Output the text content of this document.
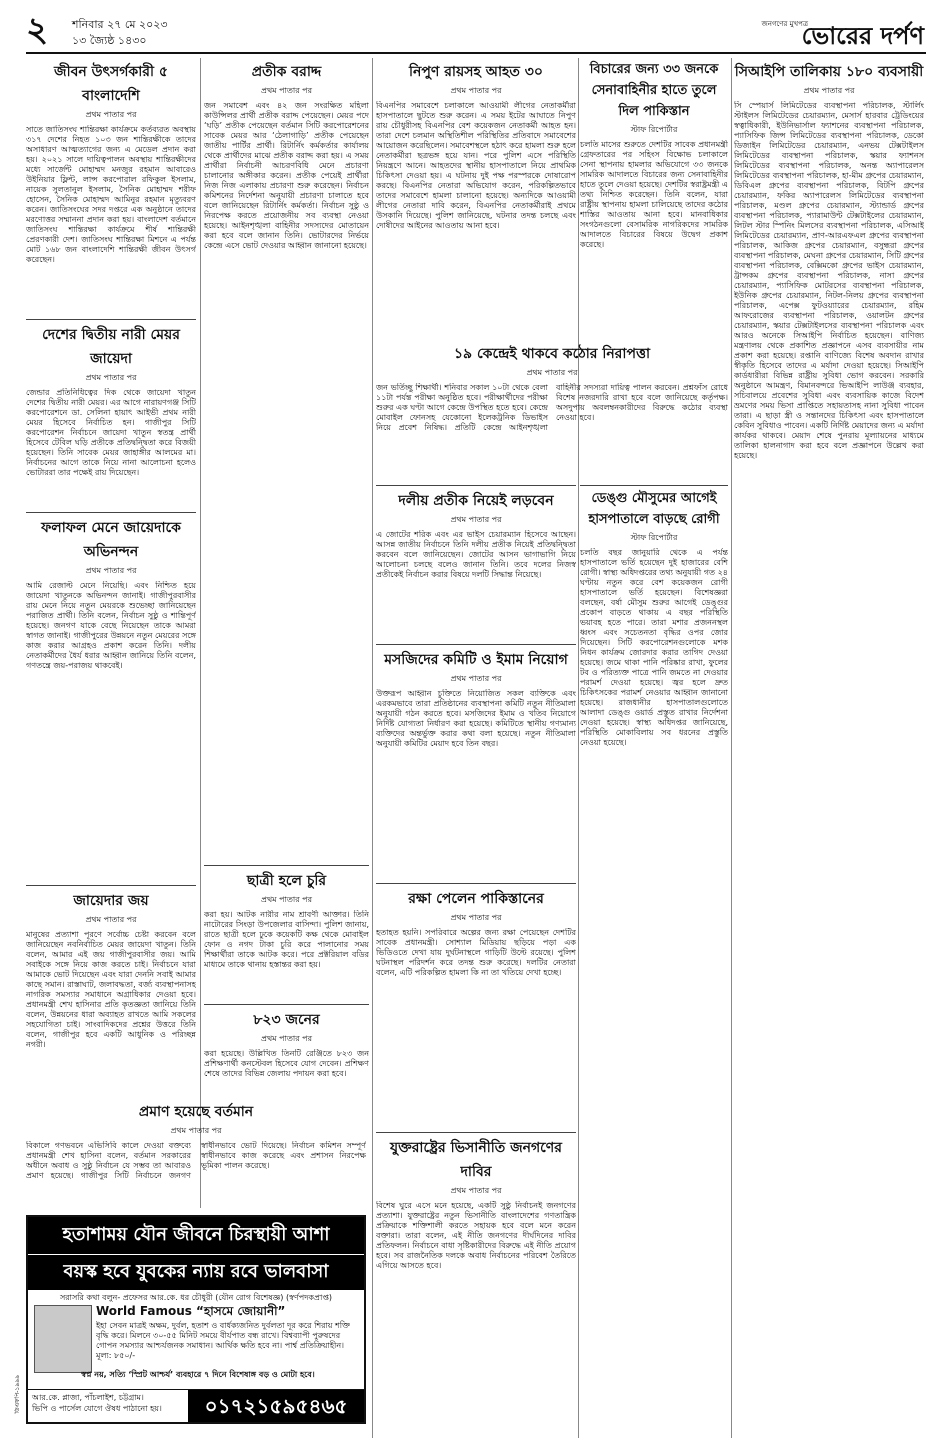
২ শনিবার ২৭ মে ২০২৩
১৩ জ্যৈষ্ঠ ১৪৩০
জনগণের মুখপত্র
ভোরের দর্পণ
জীবন উৎসর্গকারী ৫ বাংলাদেশি
প্রথম পাতার পর
সাতে জাতিসংঘ শান্তিরক্ষা কার্যক্রমে কর্তব্যরত অবস্থায় ৩১৭ দেশের নিহত ১০৩ জন শান্তিরক্ষীকে তাদের অসাধারণ আত্মত্যাগের জন্য এ মেডেল প্রদান করা হয়। ২০২১ সালে দায়িত্বপালন অবস্থায় শান্তিরক্ষীদের মধ্যে সার্জেন্ট মোহাম্মদ মনজুর রহমান আবারেও উইনিয়ার ফ্লিন্ট, লান্স করপোরাল রফিকুল ইসলাম, নায়েক সুলতানুল ইসলাম, সৈনিক মোহাম্মদ শরীফ হোসেন, সৈনিক মোহাম্মদ আমিনুর রহমান মৃত্যুবরণ করেন। জাতিসংঘের সদর দপ্তরে এক অনুষ্ঠানে তাদের মরণোত্তর সম্মাননা প্রদান করা হয়। বাংলাদেশ বর্তমানে জাতিসংঘ শান্তিরক্ষা কার্যক্রমে শীর্ষ শান্তিরক্ষী প্রেরণকারী দেশ। জাতিসংঘ শান্তিরক্ষা মিশনে এ পর্যন্ত মোট ১৬৮ জন বাংলাদেশি শান্তিরক্ষী জীবন উৎসর্গ করেছেন।
দেশের দ্বিতীয় নারী মেয়র জায়েদা
প্রথম পাতার পর
জেন্ডার প্রতিনিধিত্বের দিক থেকে জায়েদা খাতুন দেশের দ্বিতীয় নারী মেয়র। এর আগে নারায়ণগঞ্জ সিটি করপোরেশনে ডা. সেলিনা হায়াৎ আইভী প্রথম নারী মেয়র হিসেবে নির্বাচিত হন। গাজীপুর সিটি করপোরেশন নির্বাচনে জায়েদা খাতুন স্বতন্ত্র প্রার্থী হিসেবে টেবিল ঘড়ি প্রতীকে প্রতিদ্বন্দ্বিতা করে বিজয়ী হয়েছেন। তিনি সাবেক মেয়র জাহাঙ্গীর আলমের মা। নির্বাচনের আগে তাকে নিয়ে নানা আলোচনা হলেও ভোটাররা তার পক্ষেই রায় দিয়েছেন।
ফলাফল মেনে জায়েদাকে অভিনন্দন
প্রথম পাতার পর
আমি রেজাল্ট মেনে নিয়েছি। এবং নিশ্চিত হয়ে জায়েদা খাতুনকে অভিনন্দন জানাই। গাজীপুরবাসীর রায় মেনে নিয়ে নতুন মেয়রকে শুভেচ্ছা জানিয়েছেন পরাজিত প্রার্থী। তিনি বলেন, নির্বাচন সুষ্ঠু ও শান্তিপূর্ণ হয়েছে। জনগণ যাকে বেছে নিয়েছেন তাকে আমরা স্বাগত জানাই। গাজীপুরের উন্নয়নে নতুন মেয়রের সঙ্গে কাজ করার আগ্রহও প্রকাশ করেন তিনি। দলীয় নেতাকর্মীদের ধৈর্য ধরার আহ্বান জানিয়ে তিনি বলেন, গণতন্ত্রে জয়-পরাজয় থাকবেই।
জায়েদার জয়
প্রথম পাতার পর
মানুষের প্রত্যাশা পূরণে সর্বোচ্চ চেষ্টা করবেন বলে জানিয়েছেন নবনির্বাচিত মেয়র জায়েদা খাতুন। তিনি বলেন, আমার এই জয় গাজীপুরবাসীর জয়। আমি সবাইকে সঙ্গে নিয়ে কাজ করতে চাই। নির্বাচনে যারা আমাকে ভোট দিয়েছেন এবং যারা দেননি সবাই আমার কাছে সমান। রাস্তাঘাট, জলাবদ্ধতা, বর্জ্য ব্যবস্থাপনাসহ নাগরিক সমস্যার সমাধানে অগ্রাধিকার দেওয়া হবে। প্রধানমন্ত্রী শেখ হাসিনার প্রতি কৃতজ্ঞতা জানিয়ে তিনি বলেন, উন্নয়নের ধারা অব্যাহত রাখতে আমি সকলের সহযোগিতা চাই। সাংবাদিকদের প্রশ্নের উত্তরে তিনি বলেন, গাজীপুর হবে একটি আধুনিক ও পরিচ্ছন্ন নগরী।
প্রমাণ হয়েছে বর্তমান
প্রথম পাতার পর
বিকালে গণভবনে এভিসিবি কালে দেওয়া বক্তব্যে প্রধানমন্ত্রী শেখ হাসিনা বলেন, বর্তমান সরকারের অধীনে অবাধ ও সুষ্ঠু নির্বাচন যে সম্ভব তা আবারও প্রমাণ হয়েছে। গাজীপুর সিটি নির্বাচনে জনগণ স্বাধীনভাবে ভোট দিয়েছে। নির্বাচন কমিশন সম্পূর্ণ স্বাধীনভাবে কাজ করেছে এবং প্রশাসন নিরপেক্ষ ভূমিকা পালন করেছে।
প্রতীক বরাদ্দ
প্রথম পাতার পর
জন সমাবেশ এবং ৪২ জন সংরক্ষিত মহিলা কাউন্সিলর প্রার্থী প্রতীক বরাদ্দ পেয়েছেন। মেয়র পদে ‘ঘড়ি’ প্রতীক পেয়েছেন বর্তমান সিটি করপোরেশনের সাবেক মেয়র আর ‘ঠেলাগাড়ি’ প্রতীক পেয়েছেন জাতীয় পার্টির প্রার্থী। রিটার্নিং কর্মকর্তার কার্যালয় থেকে প্রার্থীদের মাঝে প্রতীক বরাদ্দ করা হয়। এ সময় প্রার্থীরা নির্বাচনী আচরণবিধি মেনে প্রচারণা চালানোর অঙ্গীকার করেন। প্রতীক পেয়েই প্রার্থীরা নিজ নিজ এলাকায় প্রচারণা শুরু করেছেন। নির্বাচন কমিশনের নির্দেশনা অনুযায়ী প্রচারণা চালাতে হবে বলে জানিয়েছেন রিটার্নিং কর্মকর্তা। নির্বাচন সুষ্ঠু ও নিরপেক্ষ করতে প্রয়োজনীয় সব ব্যবস্থা নেওয়া হয়েছে। আইনশৃঙ্খলা বাহিনীর সদস্যদের মোতায়েন করা হবে বলে জানান তিনি। ভোটারদের নির্ভয়ে কেন্দ্রে এসে ভোট দেওয়ার আহ্বান জানানো হয়েছে।
ছাত্রী হলে চুরি
প্রথম পাতার পর
করা হয়। আটক নারীর নাম শ্রাবণী আক্তার। তিনি নাটোরের সিংড়া উপজেলার বাসিন্দা। পুলিশ জানায়, রাতে ছাত্রী হলে ঢুকে কয়েকটি কক্ষ থেকে মোবাইল ফোন ও নগদ টাকা চুরি করে পালানোর সময় শিক্ষার্থীরা তাকে আটক করে। পরে প্রক্টরিয়াল বডির মাধ্যমে তাকে থানায় হস্তান্তর করা হয়।
৮২৩ জনের
প্রথম পাতার পর
করা হয়েছে। উল্লিখিত তিনটি রেঞ্জিতে ৮২৩ জন প্রশিক্ষণার্থী কনস্টেবল হিসেবে যোগ দেবেন। প্রশিক্ষণ শেষে তাদের বিভিন্ন জেলায় পদায়ন করা হবে।
নিপুণ রায়সহ আহত ৩০
প্রথম পাতার পর
বিএনপির সমাবেশে চলাকালে আওয়ামী লীগের নেতাকর্মীরা হাসপাতালে ছুটতে শুরু করেন। এ সময় ইটের আঘাতে নিপুণ রায় চৌধুরীসহ বিএনপির বেশ কয়েকজন নেতাকর্মী আহত হন। তারা দেশে চলমান অস্থিতিশীল পরিস্থিতির প্রতিবাদে সমাবেশের আয়োজন করেছিলেন। সমাবেশস্থলে হঠাৎ করে হামলা শুরু হলে নেতাকর্মীরা ছত্রভঙ্গ হয়ে যান। পরে পুলিশ এসে পরিস্থিতি নিয়ন্ত্রণে আনে। আহতদের স্থানীয় হাসপাতালে নিয়ে প্রাথমিক চিকিৎসা দেওয়া হয়। এ ঘটনায় দুই পক্ষ পরস্পরকে দোষারোপ করছে। বিএনপির নেতারা অভিযোগ করেন, পরিকল্পিতভাবে তাদের সমাবেশে হামলা চালানো হয়েছে। অন্যদিকে আওয়ামী লীগের নেতারা দাবি করেন, বিএনপির নেতাকর্মীরাই প্রথমে উসকানি দিয়েছে। পুলিশ জানিয়েছে, ঘটনার তদন্ত চলছে এবং দোষীদের আইনের আওতায় আনা হবে।
১৯ কেন্দ্রেই থাকবে কঠোর নিরাপত্তা
প্রথম পাতার পর
জন ভর্তিচ্ছু শিক্ষার্থী। শনিবার সকাল ১০টা থেকে বেলা ১১টা পর্যন্ত পরীক্ষা অনুষ্ঠিত হবে। পরীক্ষার্থীদের পরীক্ষা শুরুর এক ঘণ্টা আগে কেন্দ্রে উপস্থিত হতে হবে। কেন্দ্রে মোবাইল ফোনসহ যেকোনো ইলেকট্রনিক ডিভাইস নিয়ে প্রবেশ নিষিদ্ধ। প্রতিটি কেন্দ্রে আইনশৃঙ্খলা বাহিনীর সদস্যরা দায়িত্ব পালন করবেন। প্রশ্নফাঁস রোধে বিশেষ নজরদারি রাখা হবে বলে জানিয়েছে কর্তৃপক্ষ। অসদুপায় অবলম্বনকারীদের বিরুদ্ধে কঠোর ব্যবস্থা নেওয়া হবে।
দলীয় প্রতীক নিয়েই লড়বেন
প্রথম পাতার পর
এ জোটের শরিক এবং এর ভাইস চেয়ারম্যান হিসেবে আছেন। আসন্ন জাতীয় নির্বাচনে তিনি দলীয় প্রতীক নিয়েই প্রতিদ্বন্দ্বিতা করবেন বলে জানিয়েছেন। জোটের আসন ভাগাভাগি নিয়ে আলোচনা চলছে বলেও জানান তিনি। তবে দলের নিজস্ব প্রতীকেই নির্বাচন করার বিষয়ে দলটি সিদ্ধান্ত নিয়েছে।
মসজিদের কমিটি ও ইমাম নিয়োগ
প্রথম পাতার পর
উক্তরূপ আহ্বান চুক্তিতে নিয়োজিত সকল ব্যক্তিকে এবং এরকমভাবে তারা প্রতিষ্ঠানের ব্যবস্থাপনা কমিটি নতুন নীতিমালা অনুযায়ী গঠন করতে হবে। মসজিদের ইমাম ও খতিব নিয়োগে নির্দিষ্ট যোগ্যতা নির্ধারণ করা হয়েছে। কমিটিতে স্থানীয় গণ্যমান্য ব্যক্তিদের অন্তর্ভুক্ত করার কথা বলা হয়েছে। নতুন নীতিমালা অনুযায়ী কমিটির মেয়াদ হবে তিন বছর।
রক্ষা পেলেন পাকিস্তানের
প্রথম পাতার পর
হতাহত হয়নি। সপরিবারে অল্পের জন্য রক্ষা পেয়েছেন দেশটির সাবেক প্রধানমন্ত্রী। সোশ্যাল মিডিয়ায় ছড়িয়ে পড়া এক ভিডিওতে দেখা যায় দুর্ঘটনাস্থলে গাড়িটি উল্টে রয়েছে। পুলিশ ঘটনাস্থল পরিদর্শন করে তদন্ত শুরু করেছে। দলটির নেতারা বলেন, এটি পরিকল্পিত হামলা কি না তা খতিয়ে দেখা হচ্ছে।
যুক্তরাষ্ট্রের ভিসানীতি জনগণের দাবির
প্রথম পাতার পর
বিশেষ ঘুরে এসে মনে হয়েছে, একটি সুষ্ঠু নির্বাচনই জনগণের প্রত্যাশা। যুক্তরাষ্ট্রের নতুন ভিসানীতি বাংলাদেশের গণতান্ত্রিক প্রক্রিয়াকে শক্তিশালী করতে সহায়ক হবে বলে মনে করেন বক্তারা। তারা বলেন, এই নীতি জনগণের দীর্ঘদিনের দাবির প্রতিফলন। নির্বাচনে বাধা সৃষ্টিকারীদের বিরুদ্ধে এই নীতি প্রয়োগ হবে। সব রাজনৈতিক দলকে অবাধ নির্বাচনের পরিবেশ তৈরিতে এগিয়ে আসতে হবে।
বিচারের জন্য ৩৩ জনকে সেনাবাহিনীর হাতে তুলে দিল পাকিস্তান
স্টাফ রিপোর্টার
চলতি মাসের শুরুতে দেশটির সাবেক প্রধানমন্ত্রী গ্রেফতারের পর সহিংস বিক্ষোভ চলাকালে সেনা স্থাপনায় হামলার অভিযোগে ৩৩ জনকে সামরিক আদালতে বিচারের জন্য সেনাবাহিনীর হাতে তুলে দেওয়া হয়েছে। দেশটির স্বরাষ্ট্রমন্ত্রী এ তথ্য নিশ্চিত করেছেন। তিনি বলেন, যারা রাষ্ট্রীয় স্থাপনায় হামলা চালিয়েছে তাদের কঠোর শাস্তির আওতায় আনা হবে। মানবাধিকার সংগঠনগুলো বেসামরিক নাগরিকদের সামরিক আদালতে বিচারের বিষয়ে উদ্বেগ প্রকাশ করেছে।
ডেঙ্গু মৌসুমের আগেই হাসপাতালে বাড়ছে রোগী
স্টাফ রিপোর্টার
চলতি বছর জানুয়ারি থেকে এ পর্যন্ত হাসপাতালে ভর্তি হয়েছেন দুই হাজারের বেশি রোগী। স্বাস্থ্য অধিদপ্তরের তথ্য অনুযায়ী গত ২৪ ঘণ্টায় নতুন করে বেশ কয়েকজন রোগী হাসপাতালে ভর্তি হয়েছেন। বিশেষজ্ঞরা বলছেন, বর্ষা মৌসুম শুরুর আগেই ডেঙ্গুর প্রকোপ বাড়তে থাকায় এ বছর পরিস্থিতি ভয়াবহ হতে পারে। তারা মশার প্রজননস্থল ধ্বংস এবং সচেতনতা বৃদ্ধির ওপর জোর দিয়েছেন। সিটি করপোরেশনগুলোকে মশক নিধন কার্যক্রম জোরদার করার তাগিদ দেওয়া হয়েছে। জমে থাকা পানি পরিষ্কার রাখা, ফুলের টব ও পরিত্যক্ত পাত্রে পানি জমতে না দেওয়ার পরামর্শ দেওয়া হয়েছে। জ্বর হলে দ্রুত চিকিৎসকের পরামর্শ নেওয়ার আহ্বান জানানো হয়েছে। রাজধানীর হাসপাতালগুলোতে আলাদা ডেঙ্গু ওয়ার্ড প্রস্তুত রাখার নির্দেশনা দেওয়া হয়েছে। স্বাস্থ্য অধিদপ্তর জানিয়েছে, পরিস্থিতি মোকাবিলায় সব ধরনের প্রস্তুতি নেওয়া হয়েছে।
সিআইপি তালিকায় ১৮০ ব্যবসায়ী
প্রথম পাতার পর
সি স্পেয়ার্স লিমিটেডের ব্যবস্থাপনা পরিচালক, স্টার্লিং স্টাইলস লিমিটেডের চেয়ারম্যান, মেসার্স হারবার ট্রেডিংয়ের স্বত্বাধিকারী, ইউনিভার্সাল ফ্যাশনের ব্যবস্থাপনা পরিচালক, প্যাসিফিক জিন্স লিমিটেডের ব্যবস্থাপনা পরিচালক, ডেকো ডিজাইন লিমিটেডের চেয়ারম্যান, এনভয় টেক্সটাইলস লিমিটেডের ব্যবস্থাপনা পরিচালক, স্কয়ার ফ্যাশনস লিমিটেডের ব্যবস্থাপনা পরিচালক, অনন্ত অ্যাপারেলস লিমিটেডের ব্যবস্থাপনা পরিচালক, হা-মীম গ্রুপের চেয়ারম্যান, ডিবিএল গ্রুপের ব্যবস্থাপনা পরিচালক, বিটপি গ্রুপের চেয়ারম্যান, ফকির অ্যাপারেলস লিমিটেডের ব্যবস্থাপনা পরিচালক, মণ্ডল গ্রুপের চেয়ারম্যান, স্ট্যান্ডার্ড গ্রুপের ব্যবস্থাপনা পরিচালক, প্যারামাউন্ট টেক্সটাইলের চেয়ারম্যান, লিটল স্টার স্পিনিং মিলসের ব্যবস্থাপনা পরিচালক, এসিআই লিমিটেডের চেয়ারম্যান, প্রাণ-আরএফএল গ্রুপের ব্যবস্থাপনা পরিচালক, আকিজ গ্রুপের চেয়ারম্যান, বসুন্ধরা গ্রুপের ব্যবস্থাপনা পরিচালক, মেঘনা গ্রুপের চেয়ারম্যান, সিটি গ্রুপের ব্যবস্থাপনা পরিচালক, বেক্সিমকো গ্রুপের ভাইস চেয়ারম্যান, ট্রান্সকম গ্রুপের ব্যবস্থাপনা পরিচালক, নাসা গ্রুপের চেয়ারম্যান, প্যাসিফিক মোটরসের ব্যবস্থাপনা পরিচালক, ইউনিক গ্রুপের চেয়ারম্যান, নিটল-নিলয় গ্রুপের ব্যবস্থাপনা পরিচালক, এপেক্স ফুটওয়্যারের চেয়ারম্যান, রহিম আফরোজের ব্যবস্থাপনা পরিচালক, ওয়ালটন গ্রুপের চেয়ারম্যান, স্কয়ার টেক্সটাইলসের ব্যবস্থাপনা পরিচালক এবং আরও অনেকে সিআইপি নির্বাচিত হয়েছেন। বাণিজ্য মন্ত্রণালয় থেকে প্রকাশিত প্রজ্ঞাপনে এসব ব্যবসায়ীর নাম প্রকাশ করা হয়েছে। রপ্তানি বাণিজ্যে বিশেষ অবদান রাখার স্বীকৃতি হিসেবে তাদের এ মর্যাদা দেওয়া হয়েছে। সিআইপি কার্ডধারীরা বিভিন্ন রাষ্ট্রীয় সুবিধা ভোগ করবেন। সরকারি অনুষ্ঠানে আমন্ত্রণ, বিমানবন্দরে ভিআইপি লাউঞ্জ ব্যবহার, সচিবালয়ে প্রবেশের সুবিধা এবং ব্যবসায়িক কাজে বিদেশ ভ্রমণের সময় ভিসা প্রাপ্তিতে সহায়তাসহ নানা সুবিধা পাবেন তারা। এ ছাড়া স্ত্রী ও সন্তানদের চিকিৎসা এবং হাসপাতালে কেবিন সুবিধাও পাবেন। একটি নির্দিষ্ট মেয়াদের জন্য এ মর্যাদা কার্যকর থাকবে। মেয়াদ শেষে পুনরায় মূল্যায়নের মাধ্যমে তালিকা হালনাগাদ করা হবে বলে প্রজ্ঞাপনে উল্লেখ করা হয়েছে।
হতাশাময় যৌন জীবনে চিরস্থায়ী আশা
বয়স্ক হবে যুবকের ন্যায় রবে ভালবাসা
সরাসরি কথা বলুন- প্রফেসর আর.কে. ধর চৌধুরী (যৌন রোগ বিশেষজ্ঞ) (স্বর্ণপদকপ্রাপ্ত)
World Famous “হাসমে জোয়ানী”
ইহা সেবন মাত্রই অক্ষম, দুর্বল, হতাশ ও বার্ধক্যজনিত দুর্বলতা দূর করে শিরায় শক্তি বৃদ্ধি করে। মিলনে ৩০-৫৫ মিনিট সময়ে বীর্যপাত বন্ধ রাখে। বিশ্বব্যাপী পুরুষদের গোপন সমস্যার আশ্চর্যজনক সমাধান। আর্থিক ক্ষতি হবে না। পার্শ্ব প্রতিক্রিয়াহীন। মূল্য: ৮৫০/-
স্বপ্ন নয়, সত্যি ‘স্প্রিট আশ্চর্য’ ব্যবহারে ৭ দিনে বিশেষাঙ্গ বড় ও মোটা হবে।
আর.কে. প্লাজা, পাঁচলাইশ, চট্টগ্রাম।
ভিপি ও পার্সেল যোগে ঔষধ পাঠানো হয়।	০১৭২১৫৯৫৪৬৫
ডিএফপি-১৯৯৯
